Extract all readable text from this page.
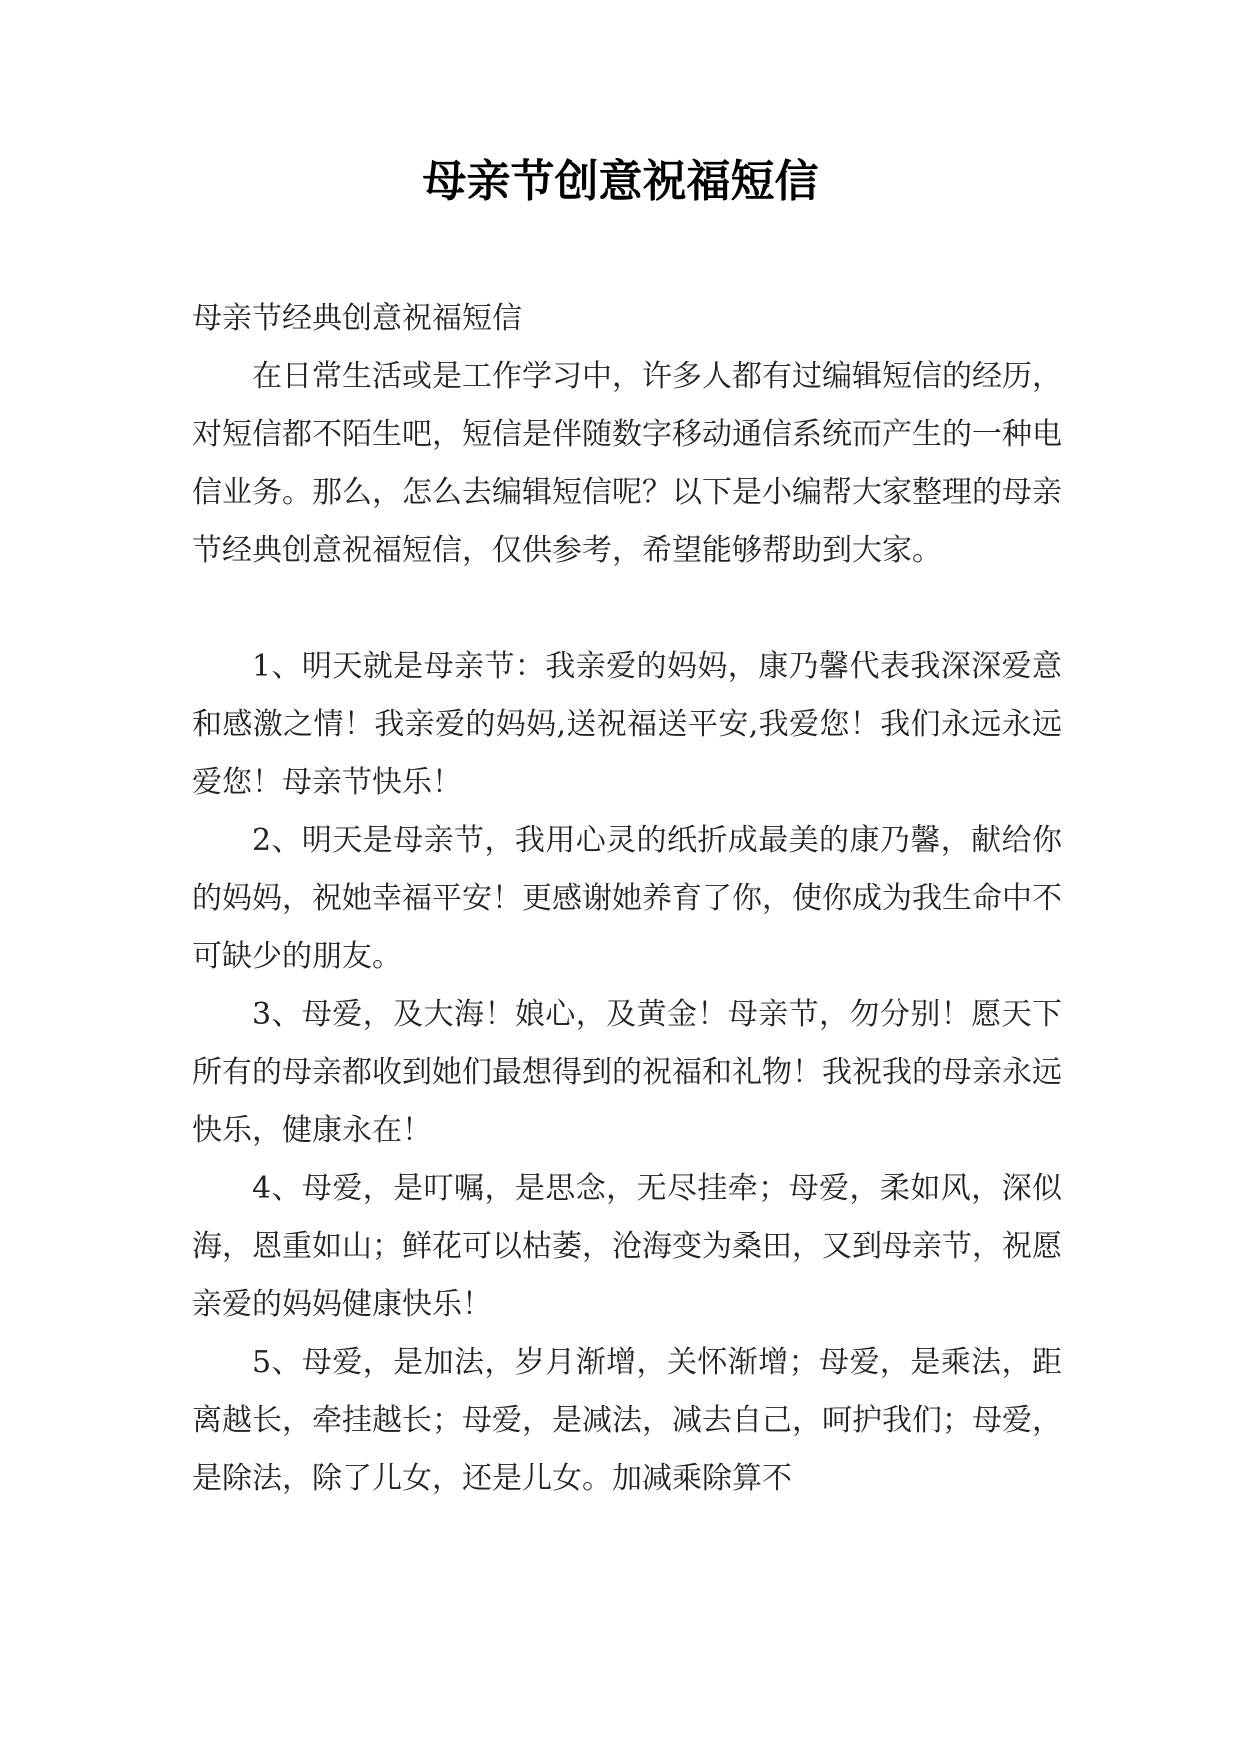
母亲节创意祝福短信

母亲节经典创意祝福短信

在日常生活或是工作学习中，许多人都有过编辑短信的经历，对短信都不陌生吧，短信是伴随数字移动通信系统而产生的一种电信业务。那么，怎么去编辑短信呢？以下是小编帮大家整理的母亲节经典创意祝福短信，仅供参考，希望能够帮助到大家。

1、明天就是母亲节：我亲爱的妈妈，康乃馨代表我深深爱意和感激之情！我亲爱的妈妈,送祝福送平安,我爱您！我们永远永远爱您！母亲节快乐！

2、明天是母亲节，我用心灵的纸折成最美的康乃馨，献给你的妈妈，祝她幸福平安！更感谢她养育了你，使你成为我生命中不可缺少的朋友。

3、母爱，及大海！娘心，及黄金！母亲节，勿分别！愿天下所有的母亲都收到她们最想得到的祝福和礼物！我祝我的母亲永远快乐，健康永在！

4、母爱，是叮嘱，是思念，无尽挂牵；母爱，柔如风，深似海，恩重如山；鲜花可以枯萎，沧海变为桑田，又到母亲节，祝愿亲爱的妈妈健康快乐！

5、母爱，是加法，岁月渐增，关怀渐增；母爱，是乘法，距离越长，牵挂越长；母爱，是减法，减去自己，呵护我们；母爱，是除法，除了儿女，还是儿女。加减乘除算不
